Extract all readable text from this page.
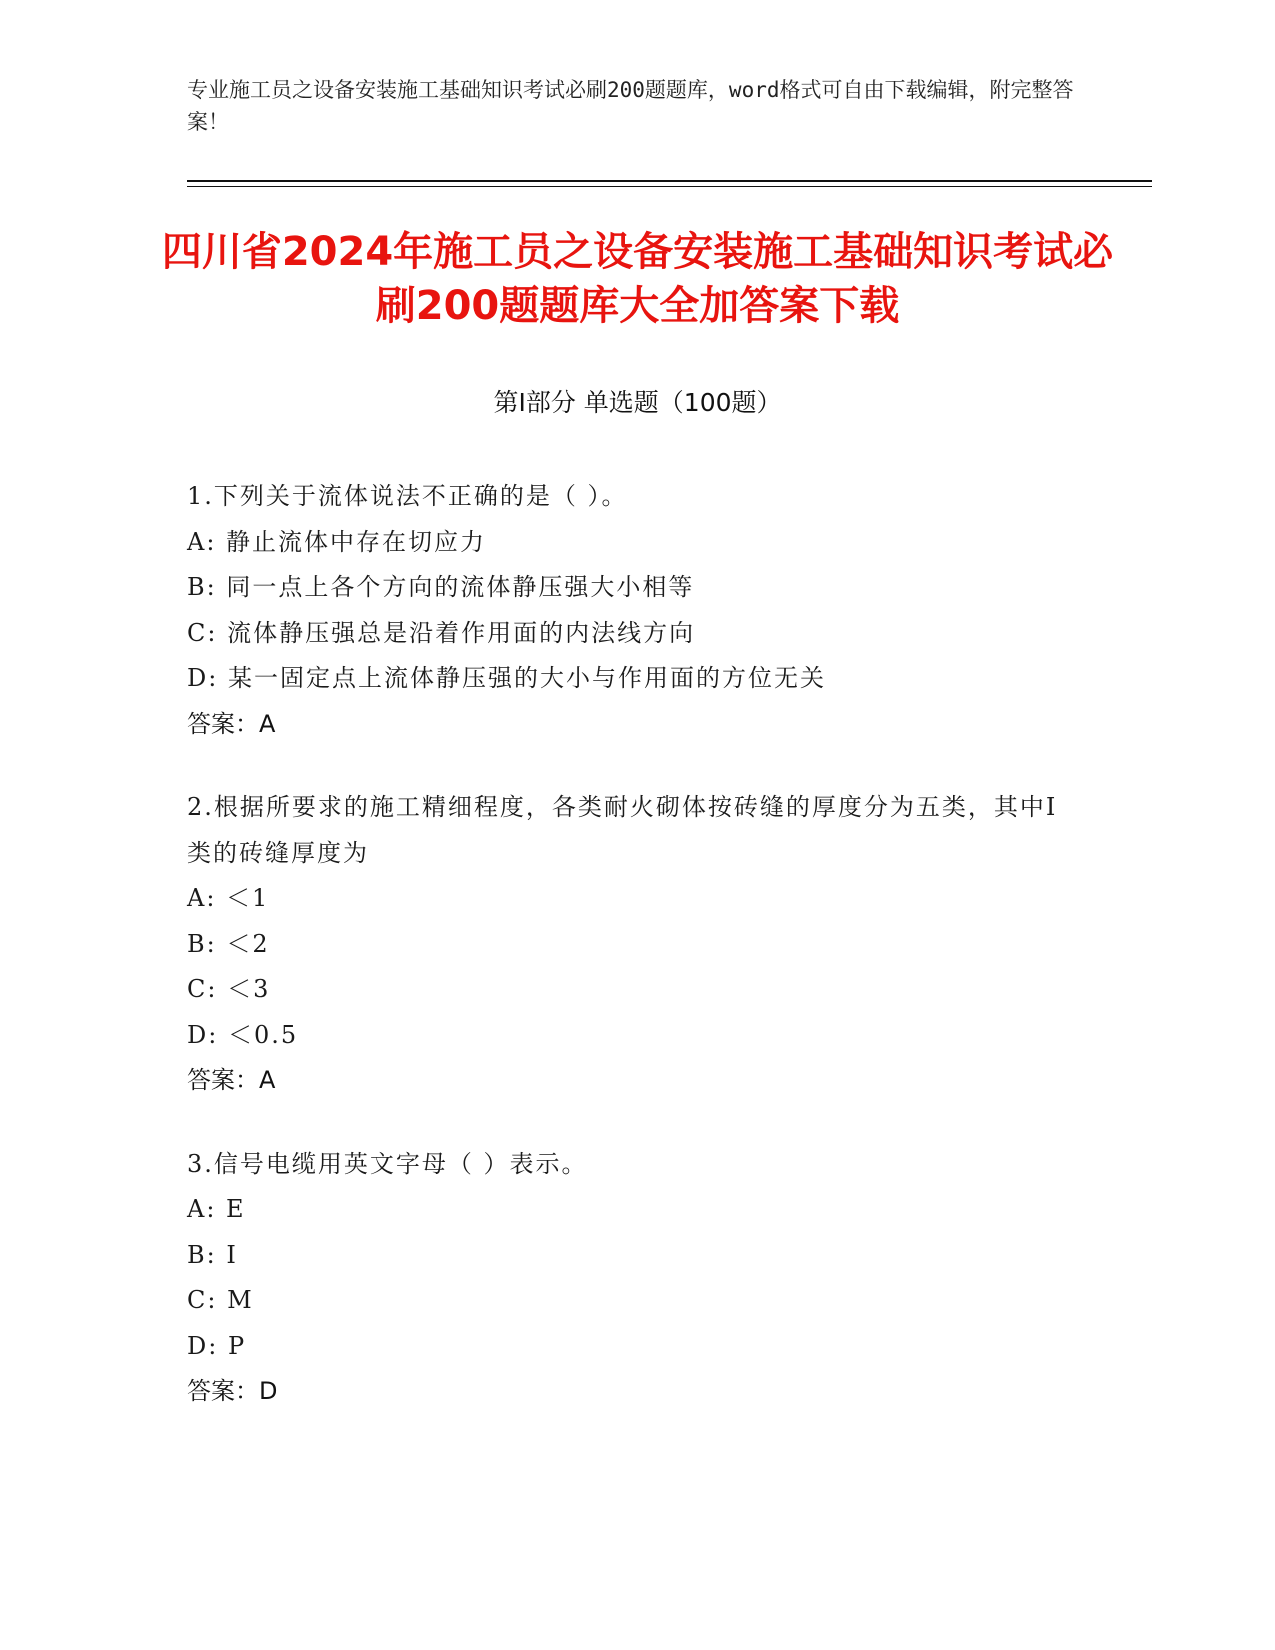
专业施工员之设备安装施工基础知识考试必刷200题题库，word格式可自由下载编辑，附完整答案！
四川省2024年施工员之设备安装施工基础知识考试必刷200题题库大全加答案下载
第Ⅰ部分 单选题（100题）
1.下列关于流体说法不正确的是（ ）。
A: 静止流体中存在切应力
B: 同一点上各个方向的流体静压强大小相等
C: 流体静压强总是沿着作用面的内法线方向
D: 某一固定点上流体静压强的大小与作用面的方位无关
答案：A
2.根据所要求的施工精细程度，各类耐火砌体按砖缝的厚度分为五类，其中Ⅰ类的砖缝厚度为
A: ＜1
B: ＜2
C: ＜3
D: ＜0.5
答案：A
3.信号电缆用英文字母（ ）表示。
A: E
B: I
C: M
D: P
答案：D
